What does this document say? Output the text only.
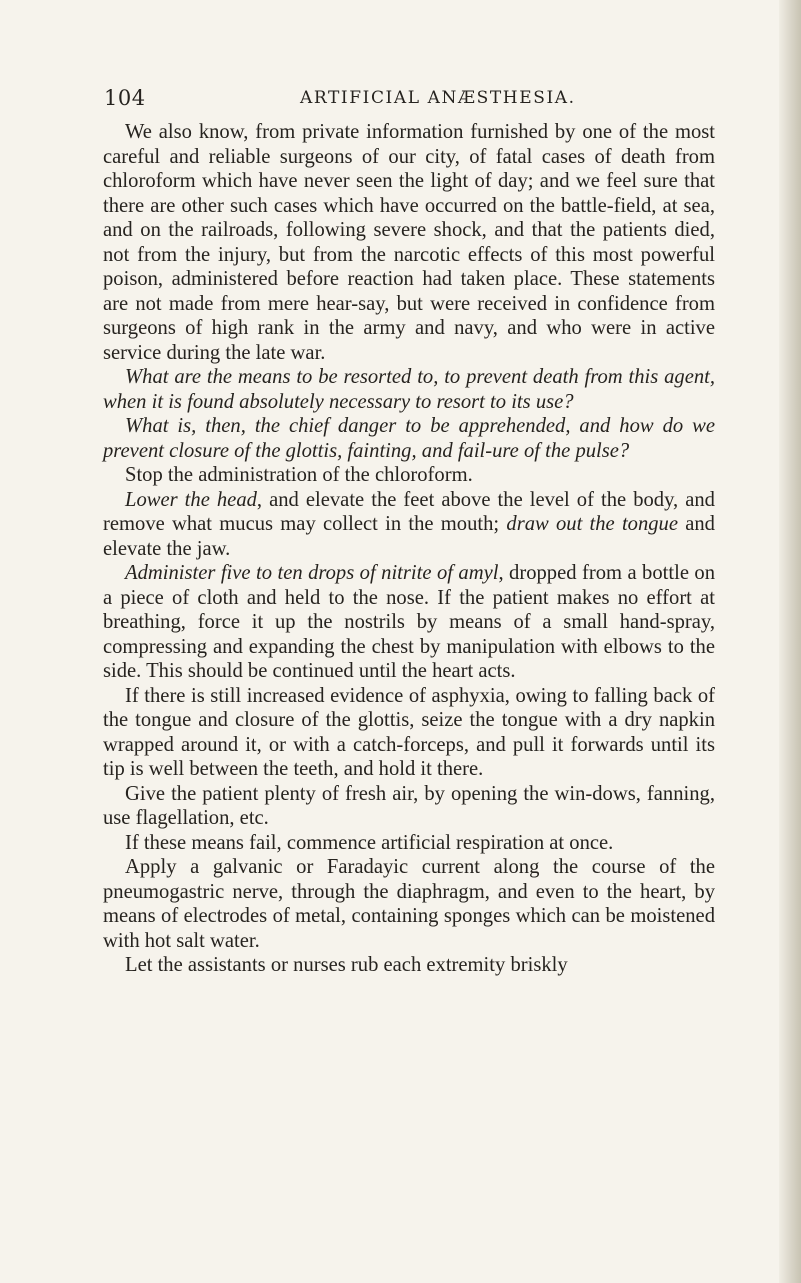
104	ARTIFICIAL ANÆSTHESIA.

We also know, from private information furnished by one of the most careful and reliable surgeons of our city, of fatal cases of death from chloroform which have never seen the light of day; and we feel sure that there are other such cases which have occurred on the battle-field, at sea, and on the railroads, following severe shock, and that the patients died, not from the injury, but from the narcotic effects of this most powerful poison, administered before reaction had taken place. These statements are not made from mere hear-say, but were received in confidence from surgeons of high rank in the army and navy, and who were in active service during the late war.

What are the means to be resorted to, to prevent death from this agent, when it is found absolutely necessary to resort to its use?

What is, then, the chief danger to be apprehended, and how do we prevent closure of the glottis, fainting, and fail-ure of the pulse?

Stop the administration of the chloroform.

Lower the head, and elevate the feet above the level of the body, and remove what mucus may collect in the mouth; draw out the tongue and elevate the jaw.

Administer five to ten drops of nitrite of amyl, dropped from a bottle on a piece of cloth and held to the nose. If the patient makes no effort at breathing, force it up the nostrils by means of a small hand-spray, compressing and expanding the chest by manipulation with elbows to the side. This should be continued until the heart acts.

If there is still increased evidence of asphyxia, owing to falling back of the tongue and closure of the glottis, seize the tongue with a dry napkin wrapped around it, or with a catch-forceps, and pull it forwards until its tip is well between the teeth, and hold it there.

Give the patient plenty of fresh air, by opening the win-dows, fanning, use flagellation, etc.

If these means fail, commence artificial respiration at once.

Apply a galvanic or Faradayic current along the course of the pneumogastric nerve, through the diaphragm, and even to the heart, by means of electrodes of metal, containing sponges which can be moistened with hot salt water.

Let the assistants or nurses rub each extremity briskly
